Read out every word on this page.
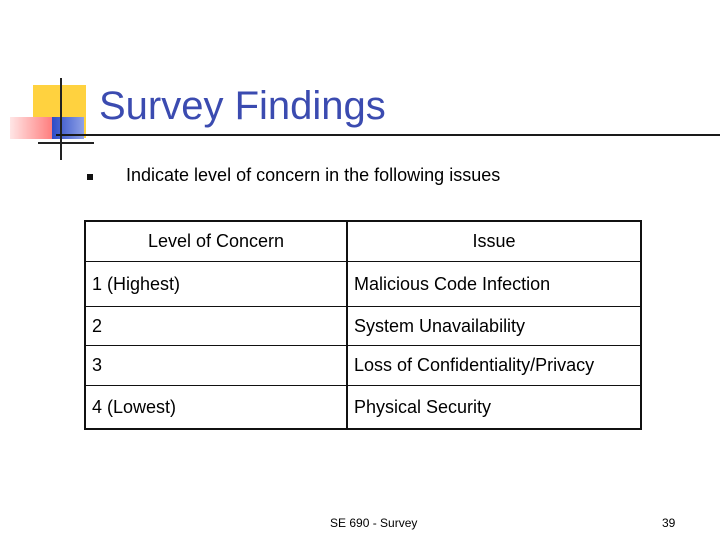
Survey Findings
Indicate level of concern in the following issues
Level of Concern	Issue
1 (Highest)	Malicious Code Infection
2	System Unavailability
3	Loss of Confidentiality/Privacy
4 (Lowest)	Physical Security
SE 690 - Survey	39
